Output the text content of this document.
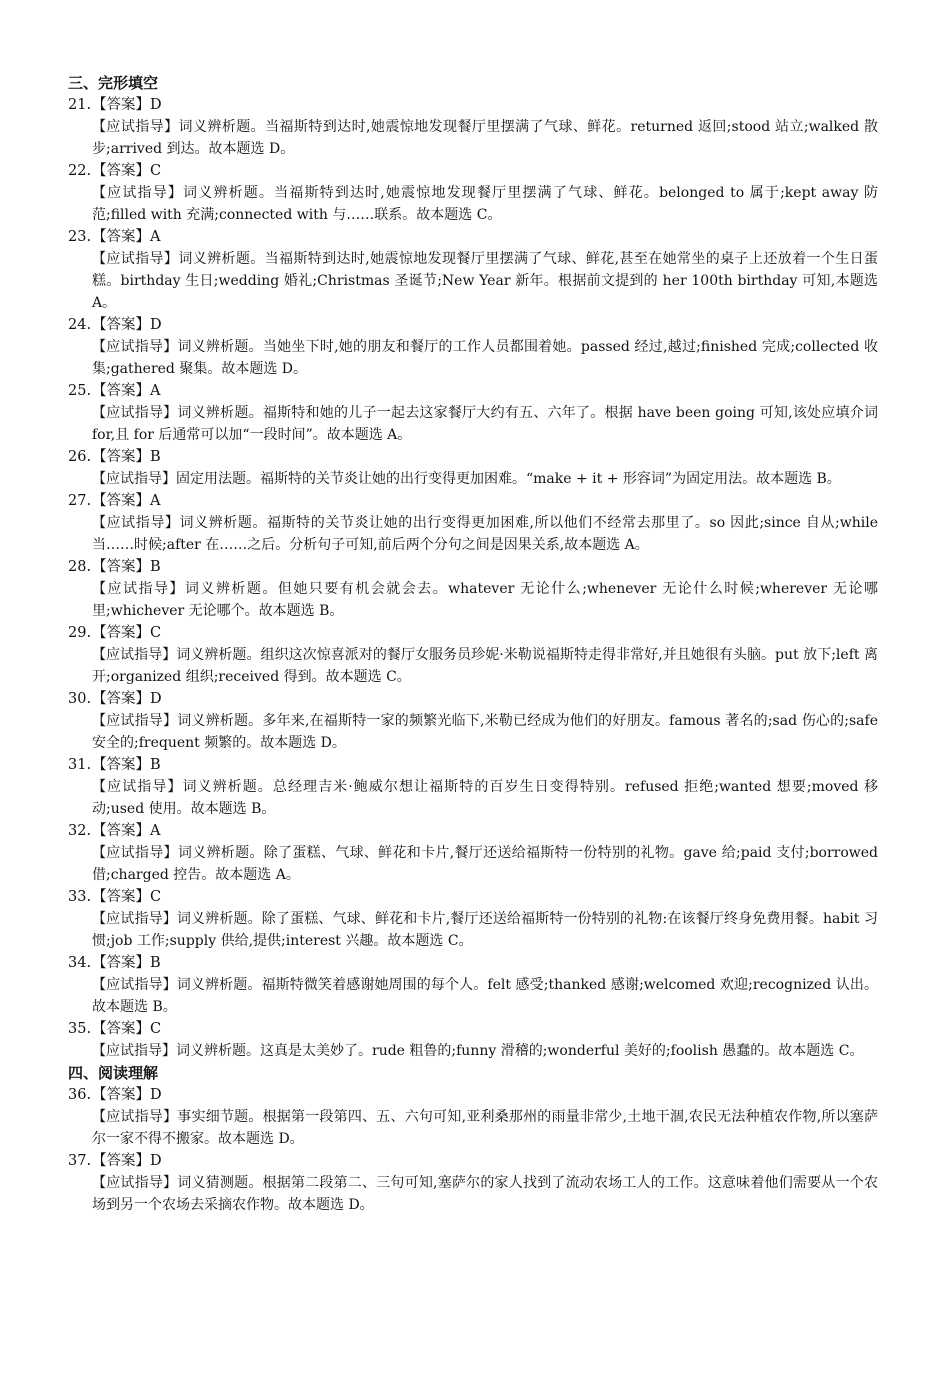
三、完形填空

21.【答案】D

【应试指导】词义辨析题。当福斯特到达时,她震惊地发现餐厅里摆满了气球、鲜花。returned 返回;stood 站立;walked 散步;arrived 到达。故本题选 D。

22.【答案】C

【应试指导】词义辨析题。当福斯特到达时,她震惊地发现餐厅里摆满了气球、鲜花。belonged to 属于;kept away 防范;filled with 充满;connected with 与……联系。故本题选 C。

23.【答案】A

【应试指导】词义辨析题。当福斯特到达时,她震惊地发现餐厅里摆满了气球、鲜花,甚至在她常坐的桌子上还放着一个生日蛋糕。birthday 生日;wedding 婚礼;Christmas 圣诞节;New Year 新年。根据前文提到的 her 100th birthday 可知,本题选 A。

24.【答案】D

【应试指导】词义辨析题。当她坐下时,她的朋友和餐厅的工作人员都围着她。passed 经过,越过;finished 完成;collected 收集;gathered 聚集。故本题选 D。

25.【答案】A

【应试指导】词义辨析题。福斯特和她的儿子一起去这家餐厅大约有五、六年了。根据 have been going 可知,该处应填介词 for,且 for 后通常可以加“一段时间”。故本题选 A。

26.【答案】B

【应试指导】固定用法题。福斯特的关节炎让她的出行变得更加困难。“make + it + 形容词”为固定用法。故本题选 B。

27.【答案】A

【应试指导】词义辨析题。福斯特的关节炎让她的出行变得更加困难,所以他们不经常去那里了。so 因此;since 自从;while 当……时候;after 在……之后。分析句子可知,前后两个分句之间是因果关系,故本题选 A。

28.【答案】B

【应试指导】词义辨析题。但她只要有机会就会去。whatever 无论什么;whenever 无论什么时候;wherever 无论哪里;whichever 无论哪个。故本题选 B。

29.【答案】C

【应试指导】词义辨析题。组织这次惊喜派对的餐厅女服务员珍妮·米勒说福斯特走得非常好,并且她很有头脑。put 放下;left 离开;organized 组织;received 得到。故本题选 C。

30.【答案】D

【应试指导】词义辨析题。多年来,在福斯特一家的频繁光临下,米勒已经成为他们的好朋友。famous 著名的;sad 伤心的;safe 安全的;frequent 频繁的。故本题选 D。

31.【答案】B

【应试指导】词义辨析题。总经理吉米·鲍威尔想让福斯特的百岁生日变得特别。refused 拒绝;wanted 想要;moved 移动;used 使用。故本题选 B。

32.【答案】A

【应试指导】词义辨析题。除了蛋糕、气球、鲜花和卡片,餐厅还送给福斯特一份特别的礼物。gave 给;paid 支付;borrowed 借;charged 控告。故本题选 A。

33.【答案】C

【应试指导】词义辨析题。除了蛋糕、气球、鲜花和卡片,餐厅还送给福斯特一份特别的礼物:在该餐厅终身免费用餐。habit 习惯;job 工作;supply 供给,提供;interest 兴趣。故本题选 C。

34.【答案】B

【应试指导】词义辨析题。福斯特微笑着感谢她周围的每个人。felt 感受;thanked 感谢;welcomed 欢迎;recognized 认出。故本题选 B。

35.【答案】C

【应试指导】词义辨析题。这真是太美妙了。rude 粗鲁的;funny 滑稽的;wonderful 美好的;foolish 愚蠢的。故本题选 C。

四、阅读理解

36.【答案】D

【应试指导】事实细节题。根据第一段第四、五、六句可知,亚利桑那州的雨量非常少,土地干涸,农民无法种植农作物,所以塞萨尔一家不得不搬家。故本题选 D。

37.【答案】D

【应试指导】词义猜测题。根据第二段第二、三句可知,塞萨尔的家人找到了流动农场工人的工作。这意味着他们需要从一个农场到另一个农场去采摘农作物。故本题选 D。
